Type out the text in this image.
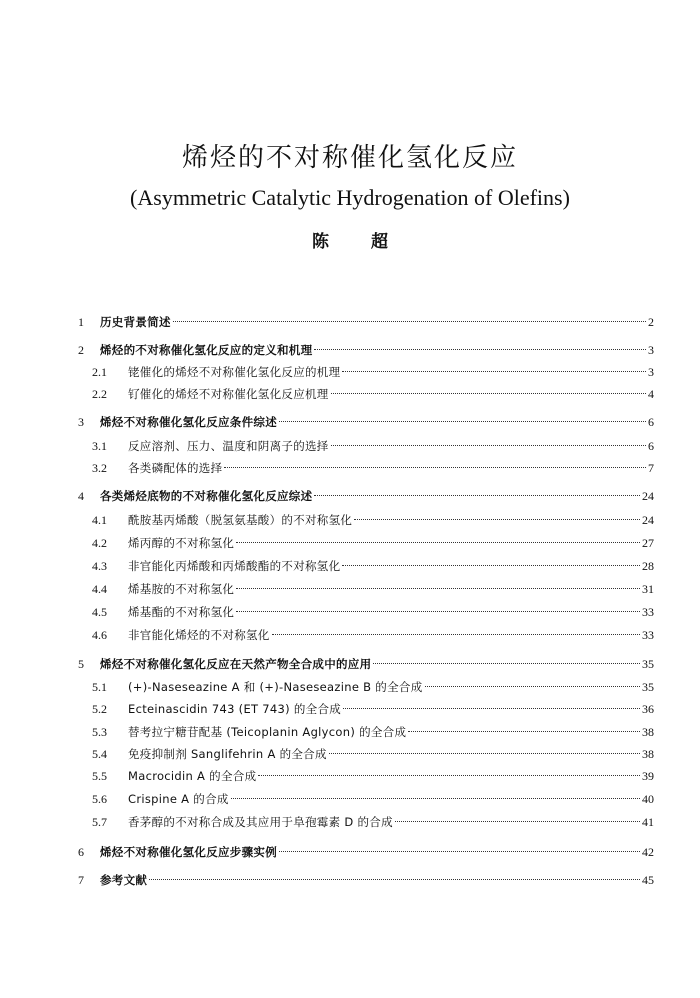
烯烃的不对称催化氢化反应
(Asymmetric Catalytic Hydrogenation of Olefins)
陈 超
1	历史背景简述	2
2	烯烃的不对称催化氢化反应的定义和机理	3
2.1	铑催化的烯烃不对称催化氢化反应的机理	3
2.2	钌催化的烯烃不对称催化氢化反应机理	4
3	烯烃不对称催化氢化反应条件综述	6
3.1	反应溶剂、压力、温度和阴离子的选择	6
3.2	各类磷配体的选择	7
4	各类烯烃底物的不对称催化氢化反应综述	24
4.1	酰胺基丙烯酸（脱氢氨基酸）的不对称氢化	24
4.2	烯丙醇的不对称氢化	27
4.3	非官能化丙烯酸和丙烯酸酯的不对称氢化	28
4.4	烯基胺的不对称氢化	31
4.5	烯基酯的不对称氢化	33
4.6	非官能化烯烃的不对称氢化	33
5	烯烃不对称催化氢化反应在天然产物全合成中的应用	35
5.1	(+)-Naseseazine A 和 (+)-Naseseazine B 的全合成	35
5.2	Ecteinascidin 743 (ET 743) 的全合成	36
5.3	替考拉宁糖苷配基 (Teicoplanin Aglycon) 的全合成	38
5.4	免疫抑制剂 Sanglifehrin A 的全合成	38
5.5	Macrocidin A 的全合成	39
5.6	Crispine A 的合成	40
5.7	香茅醇的不对称合成及其应用于阜孢霉素 D 的合成	41
6	烯烃不对称催化氢化反应步骤实例	42
7	参考文献	45
